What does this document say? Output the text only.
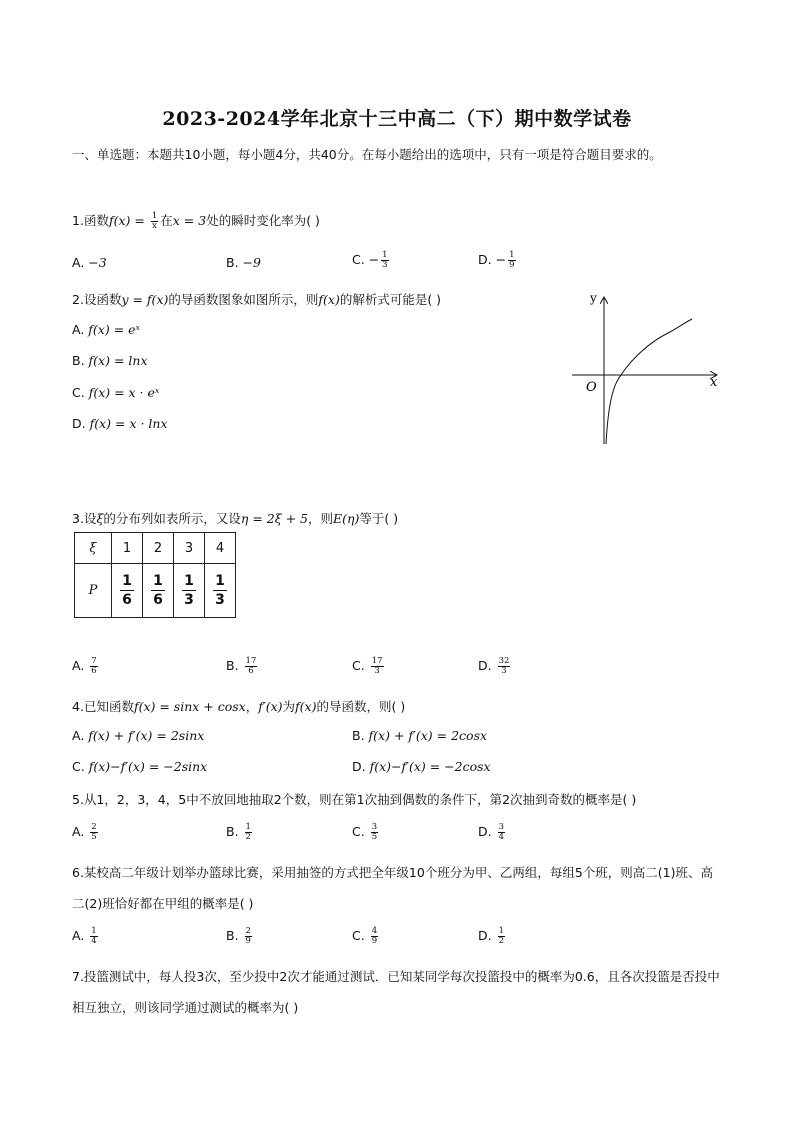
2023-2024学年北京十三中高二（下）期中数学试卷
一、单选题：本题共10小题，每小题4分，共40分。在每小题给出的选项中，只有一项是符合题目要求的。
1.函数$f(x) = \frac{1}{x}$ 在x = 3处的瞬时变化率为( )
A. −3	B. −9	C. − $\frac{1}{3}$	D. − $\frac{1}{9}$
2.设函数y = f(x)的导函数图象如图所示，则f(x)的解析式可能是( )
A. f(x) = eˣ
B. f(x) = lnx
C. f(x) = x · eˣ
D. f(x) = x · lnx
y
x
O
3.设ξ的分布列如表所示，又设η = 2ξ + 5，则E(η)等于( )
ξ	1	2	3	4
P	$\frac{1}{6}$	$\frac{1}{6}$	$\frac{1}{3}$	$\frac{1}{3}$
A. $\frac{7}{6}$	B. $\frac{17}{6}$	C. $\frac{17}{3}$	D. $\frac{32}{3}$
4.已知函数f(x) = sinx + cosx，f′(x)为f(x)的导函数，则( )
A. f(x) + f′(x) = 2sinx	B. f(x) + f′(x) = 2cosx
C. f(x)−f′(x) = −2sinx	D. f(x)−f′(x) = −2cosx
5.从1，2，3，4，5中不放回地抽取2个数，则在第1次抽到偶数的条件下，第2次抽到奇数的概率是( )
A. $\frac{2}{5}$	B. $\frac{1}{2}$	C. $\frac{3}{5}$	D. $\frac{3}{4}$
6.某校高二年级计划举办篮球比赛，采用抽签的方式把全年级10个班分为甲、乙两组，每组5个班，则高二(1)班、高二(2)班恰好都在甲组的概率是( )
A. $\frac{1}{4}$	B. $\frac{2}{9}$	C. $\frac{4}{9}$	D. $\frac{1}{2}$
7.投篮测试中，每人投3次，至少投中2次才能通过测试．已知某同学每次投篮投中的概率为0.6，且各次投篮是否投中相互独立，则该同学通过测试的概率为( )
